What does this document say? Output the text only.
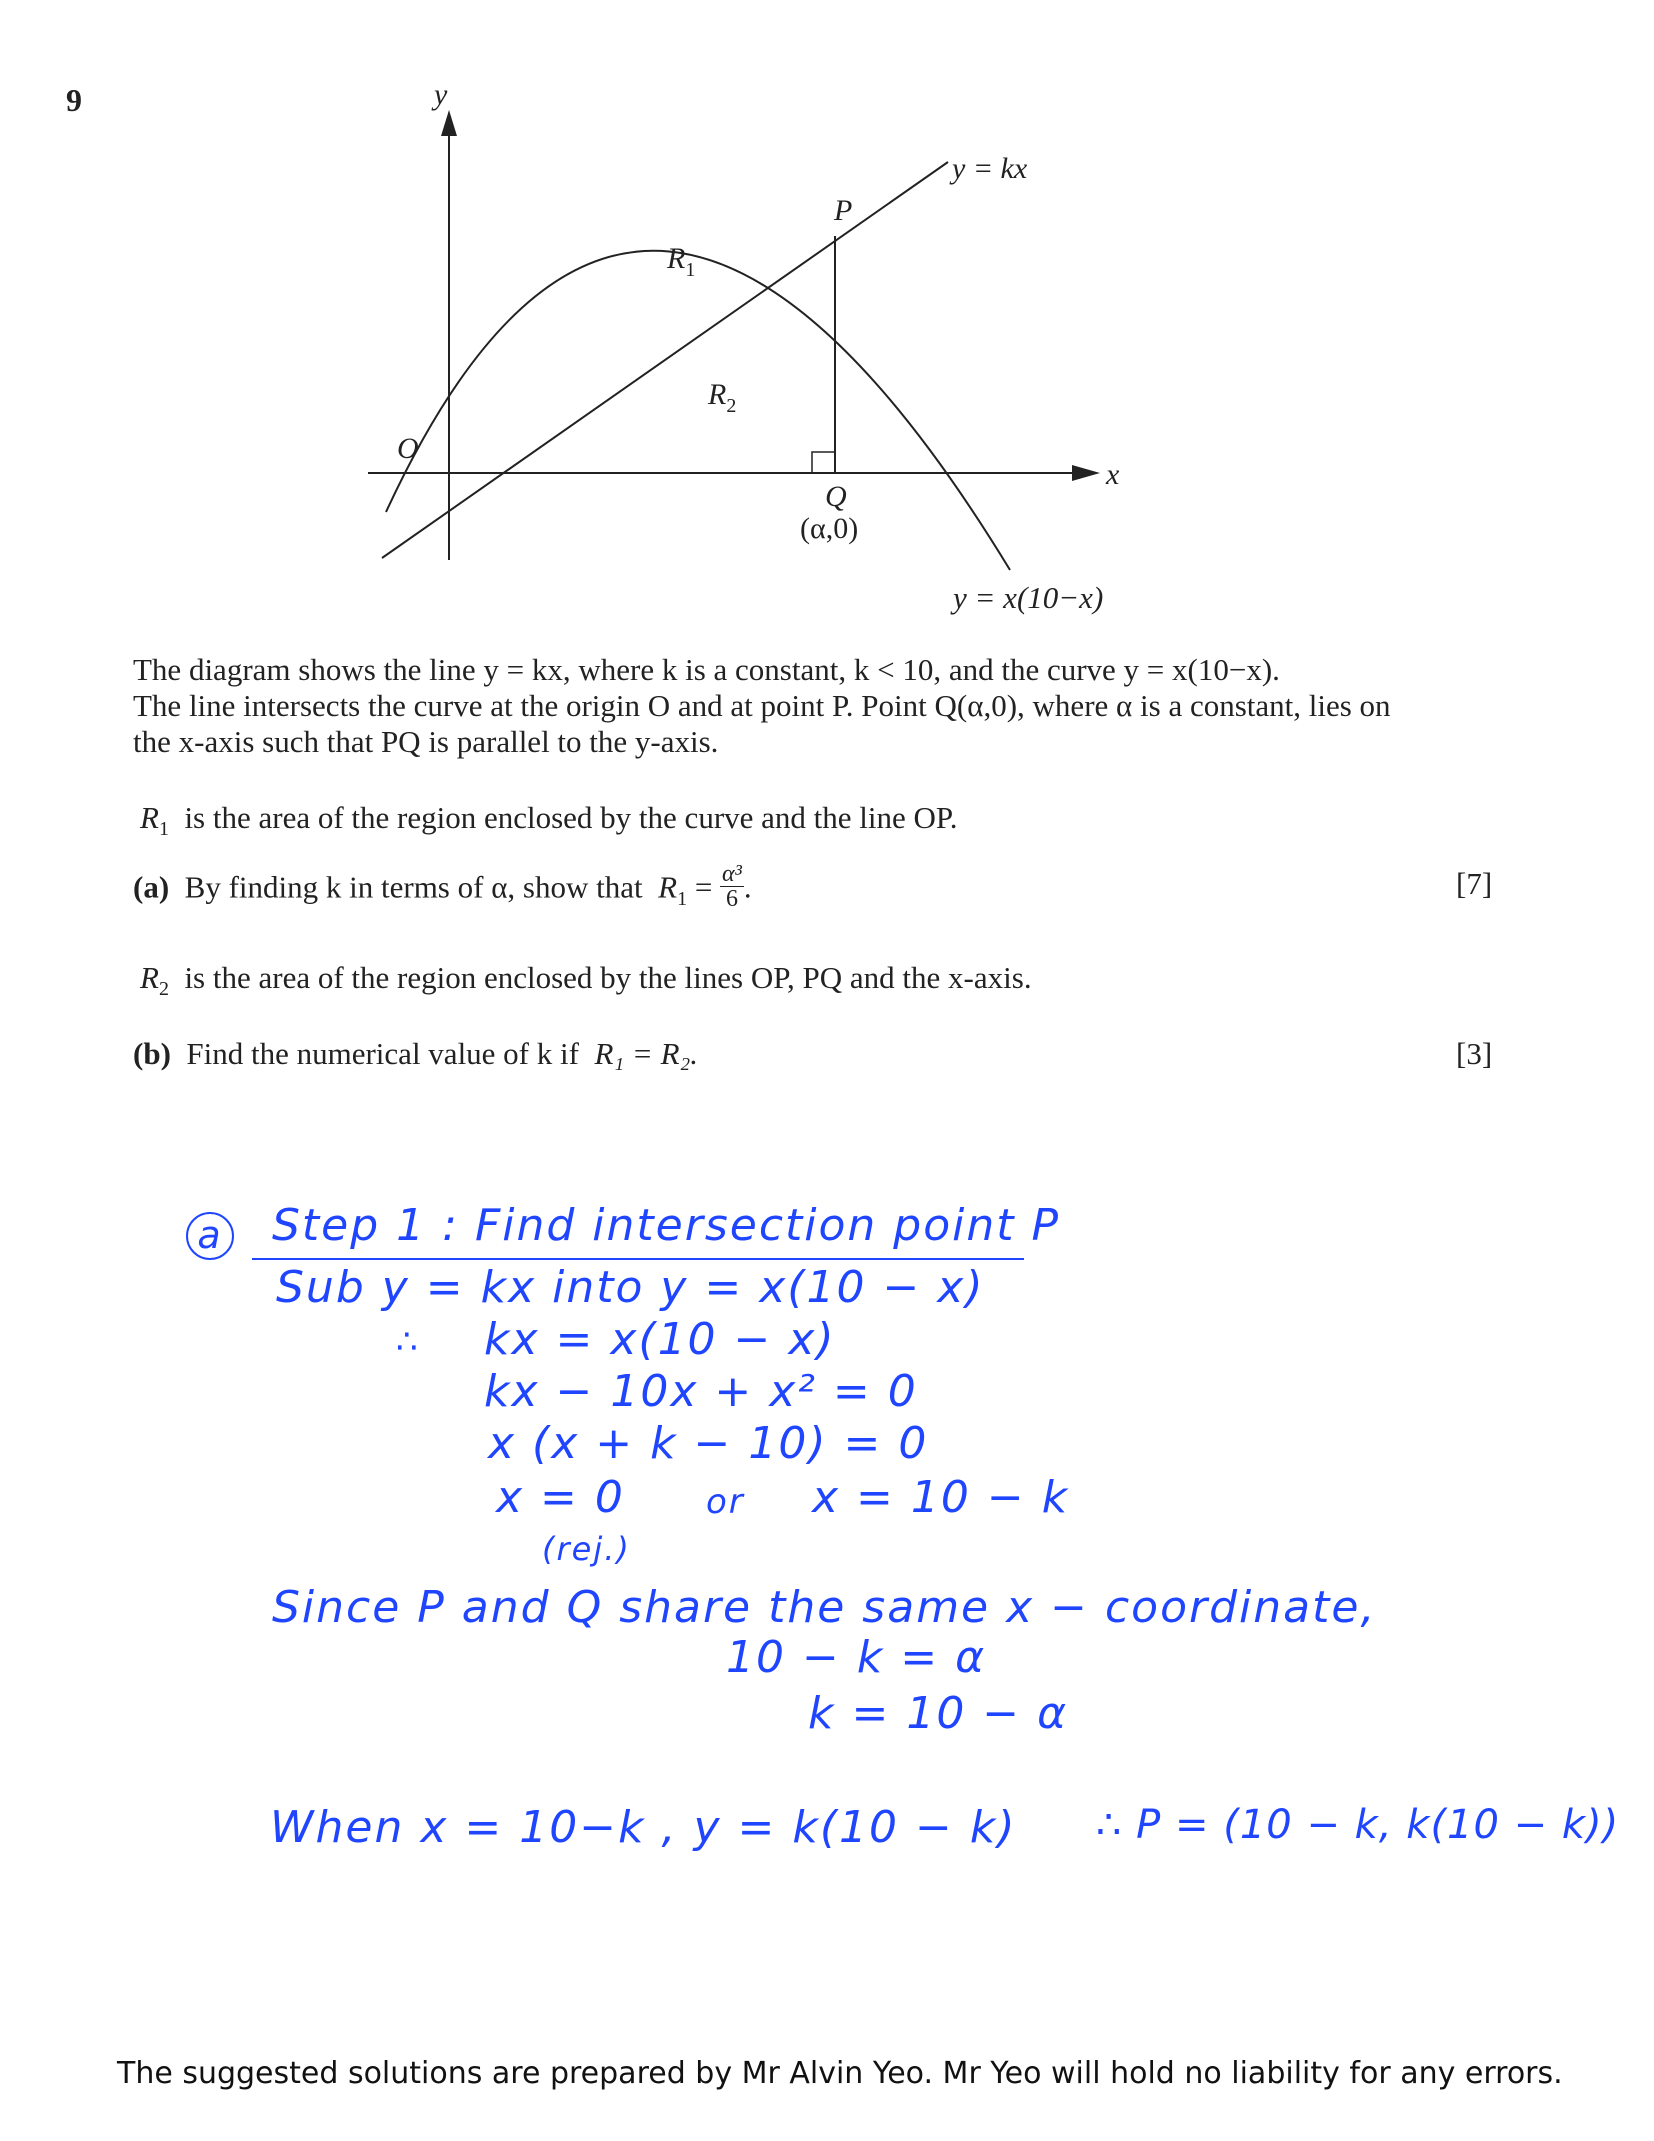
9	y
x
O
y = kx
P
Q
(α,0)
y = x(10−x)
$R_1$
$R_2$
The diagram shows the line y = kx, where k is a constant, k < 10, and the curve y = x(10−x).
The line intersects the curve at the origin O and at point P. Point Q(α,0), where α is a constant, lies on
the x-axis such that PQ is parallel to the y-axis.
$R_1$ is the area of the region enclosed by the curve and the line OP.
(a) By finding k in terms of α, show that $R_1 = \frac{\text{α³}}{6}$ .	[7]
$R_2$ is the area of the region enclosed by the lines OP, PQ and the x-axis.
(b) Find the numerical value of k if R₁ = R₂.	[3]
a Step 1 : Find intersection point P
Sub y = kx into y = x(10 − x)
∴ kx = x(10 − x)
kx − 10x + x² = 0
x (x + k − 10) = 0
x = 0 or x = 10 − k
(rej.)
Since P and Q share the same x − coordinate,
10 − k = α
k = 10 − α
When x = 10−k , y = k(10 − k) ∴ P = (10 − k, k(10 − k))
The suggested solutions are prepared by Mr Alvin Yeo. Mr Yeo will hold no liability for any errors.
